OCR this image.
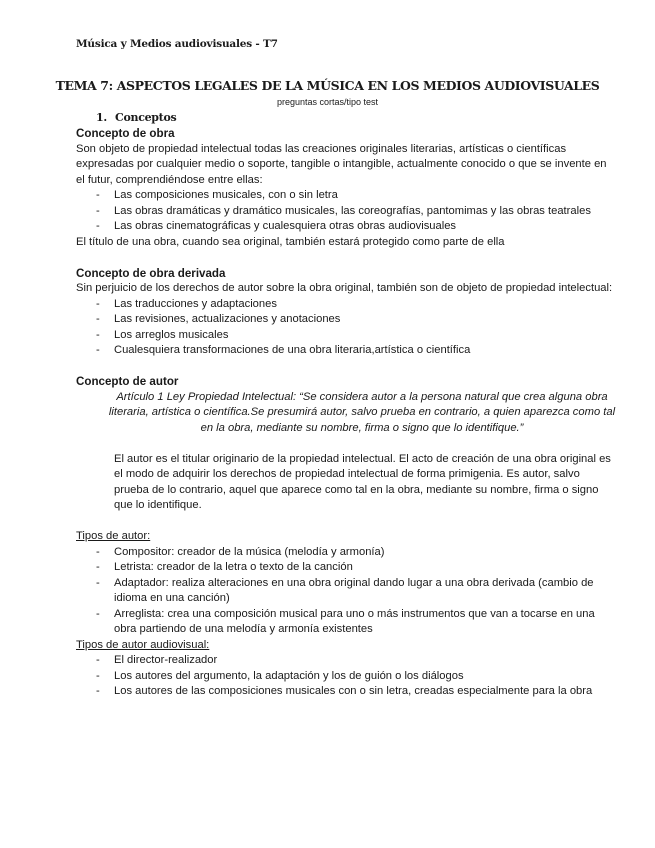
Música y Medios audiovisuales - T7
TEMA 7: ASPECTOS LEGALES DE LA MÚSICA EN LOS MEDIOS AUDIOVISUALES
preguntas cortas/tipo test
1. Conceptos

Concepto de obra

Son objeto de propiedad intelectual todas las creaciones originales literarias, artísticas o científicas expresadas por cualquier medio o soporte, tangible o intangible, actualmente conocido o que se invente en el futur, comprendiéndose entre ellas:

- Las composiciones musicales, con o sin letra
- Las obras dramáticas y dramático musicales, las coreografías, pantomimas y las obras teatrales
- Las obras cinematográficas y cualesquiera otras obras audiovisuales

El título de una obra, cuando sea original, también estará protegido como parte de ella

Concepto de obra derivada

Sin perjuicio de los derechos de autor sobre la obra original, también son de objeto de propiedad intelectual:

- Las traducciones y adaptaciones
- Las revisiones, actualizaciones y anotaciones
- Los arreglos musicales
- Cualesquiera transformaciones de una obra literaria,artística o científica

Concepto de autor

Artículo 1 Ley Propiedad Intelectual: “Se considera autor a la persona natural que crea alguna obra literaria, artística o científica.Se presumirá autor, salvo prueba en contrario, a quien aparezca como tal en la obra, mediante su nombre, firma o signo que lo identifique.”

El autor es el titular originario de la propiedad intelectual. El acto de creación de una obra original es el modo de adquirir los derechos de propiedad intelectual de forma primigenia. Es autor, salvo prueba de lo contrario, aquel que aparece como tal en la obra, mediante su nombre, firma o signo que lo identifique.

Tipos de autor:

- Compositor: creador de la música (melodía y armonía)
- Letrista: creador de la letra o texto de la canción
- Adaptador: realiza alteraciones en una obra original dando lugar a una obra derivada (cambio de idioma en una canción)
- Arreglista: crea una composición musical para uno o más instrumentos que van a tocarse en una obra partiendo de una melodía y armonía existentes

Tipos de autor audiovisual:

- El director-realizador
- Los autores del argumento, la adaptación y los de guión o los diálogos
- Los autores de las composiciones musicales con o sin letra, creadas especialmente para la obra
